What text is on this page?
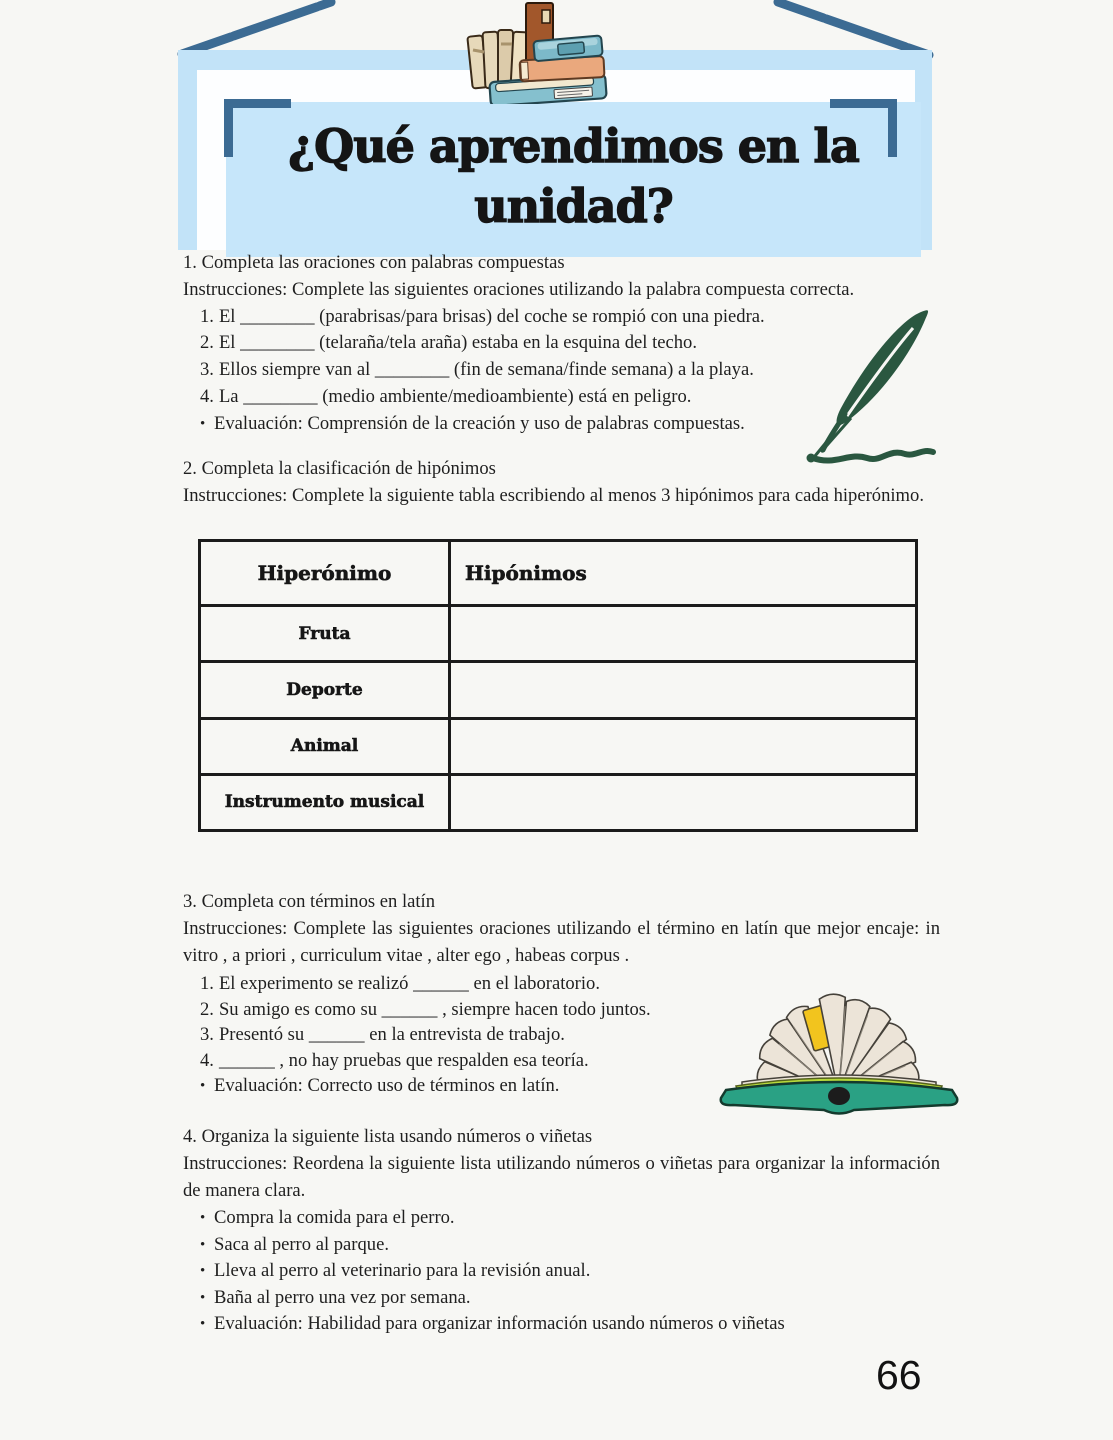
¿Qué aprendimos en la
unidad?
1. Completa las oraciones con palabras compuestas
Instrucciones: Complete las siguientes oraciones utilizando la palabra compuesta correcta.
1. El ________ (parabrisas/para brisas) del coche se rompió con una piedra.
2. El ________ (telaraña/tela araña) estaba en la esquina del techo.
3. Ellos siempre van al ________ (fin de semana/finde semana) a la playa.
4. La ________ (medio ambiente/medioambiente) está en peligro.
• Evaluación: Comprensión de la creación y uso de palabras compuestas.
2. Completa la clasificación de hipónimos
Instrucciones: Complete la siguiente tabla escribiendo al menos 3 hipónimos para cada hiperónimo.
Hiperónimo	Hipónimos
Fruta	
Deporte	
Animal	
Instrumento musical	
3. Completa con términos en latín
Instrucciones: Complete las siguientes oraciones utilizando el término en latín que mejor encaje: in vitro , a priori , curriculum vitae , alter ego , habeas corpus .
1. El experimento se realizó ______ en el laboratorio.
2. Su amigo es como su ______ , siempre hacen todo juntos.
3. Presentó su ______ en la entrevista de trabajo.
4. ______ , no hay pruebas que respalden esa teoría.
• Evaluación: Correcto uso de términos en latín.
4. Organiza la siguiente lista usando números o viñetas
Instrucciones: Reordena la siguiente lista utilizando números o viñetas para organizar la información de manera clara.
• Compra la comida para el perro.
• Saca al perro al parque.
• Lleva al perro al veterinario para la revisión anual.
• Baña al perro una vez por semana.
• Evaluación: Habilidad para organizar información usando números o viñetas
66
